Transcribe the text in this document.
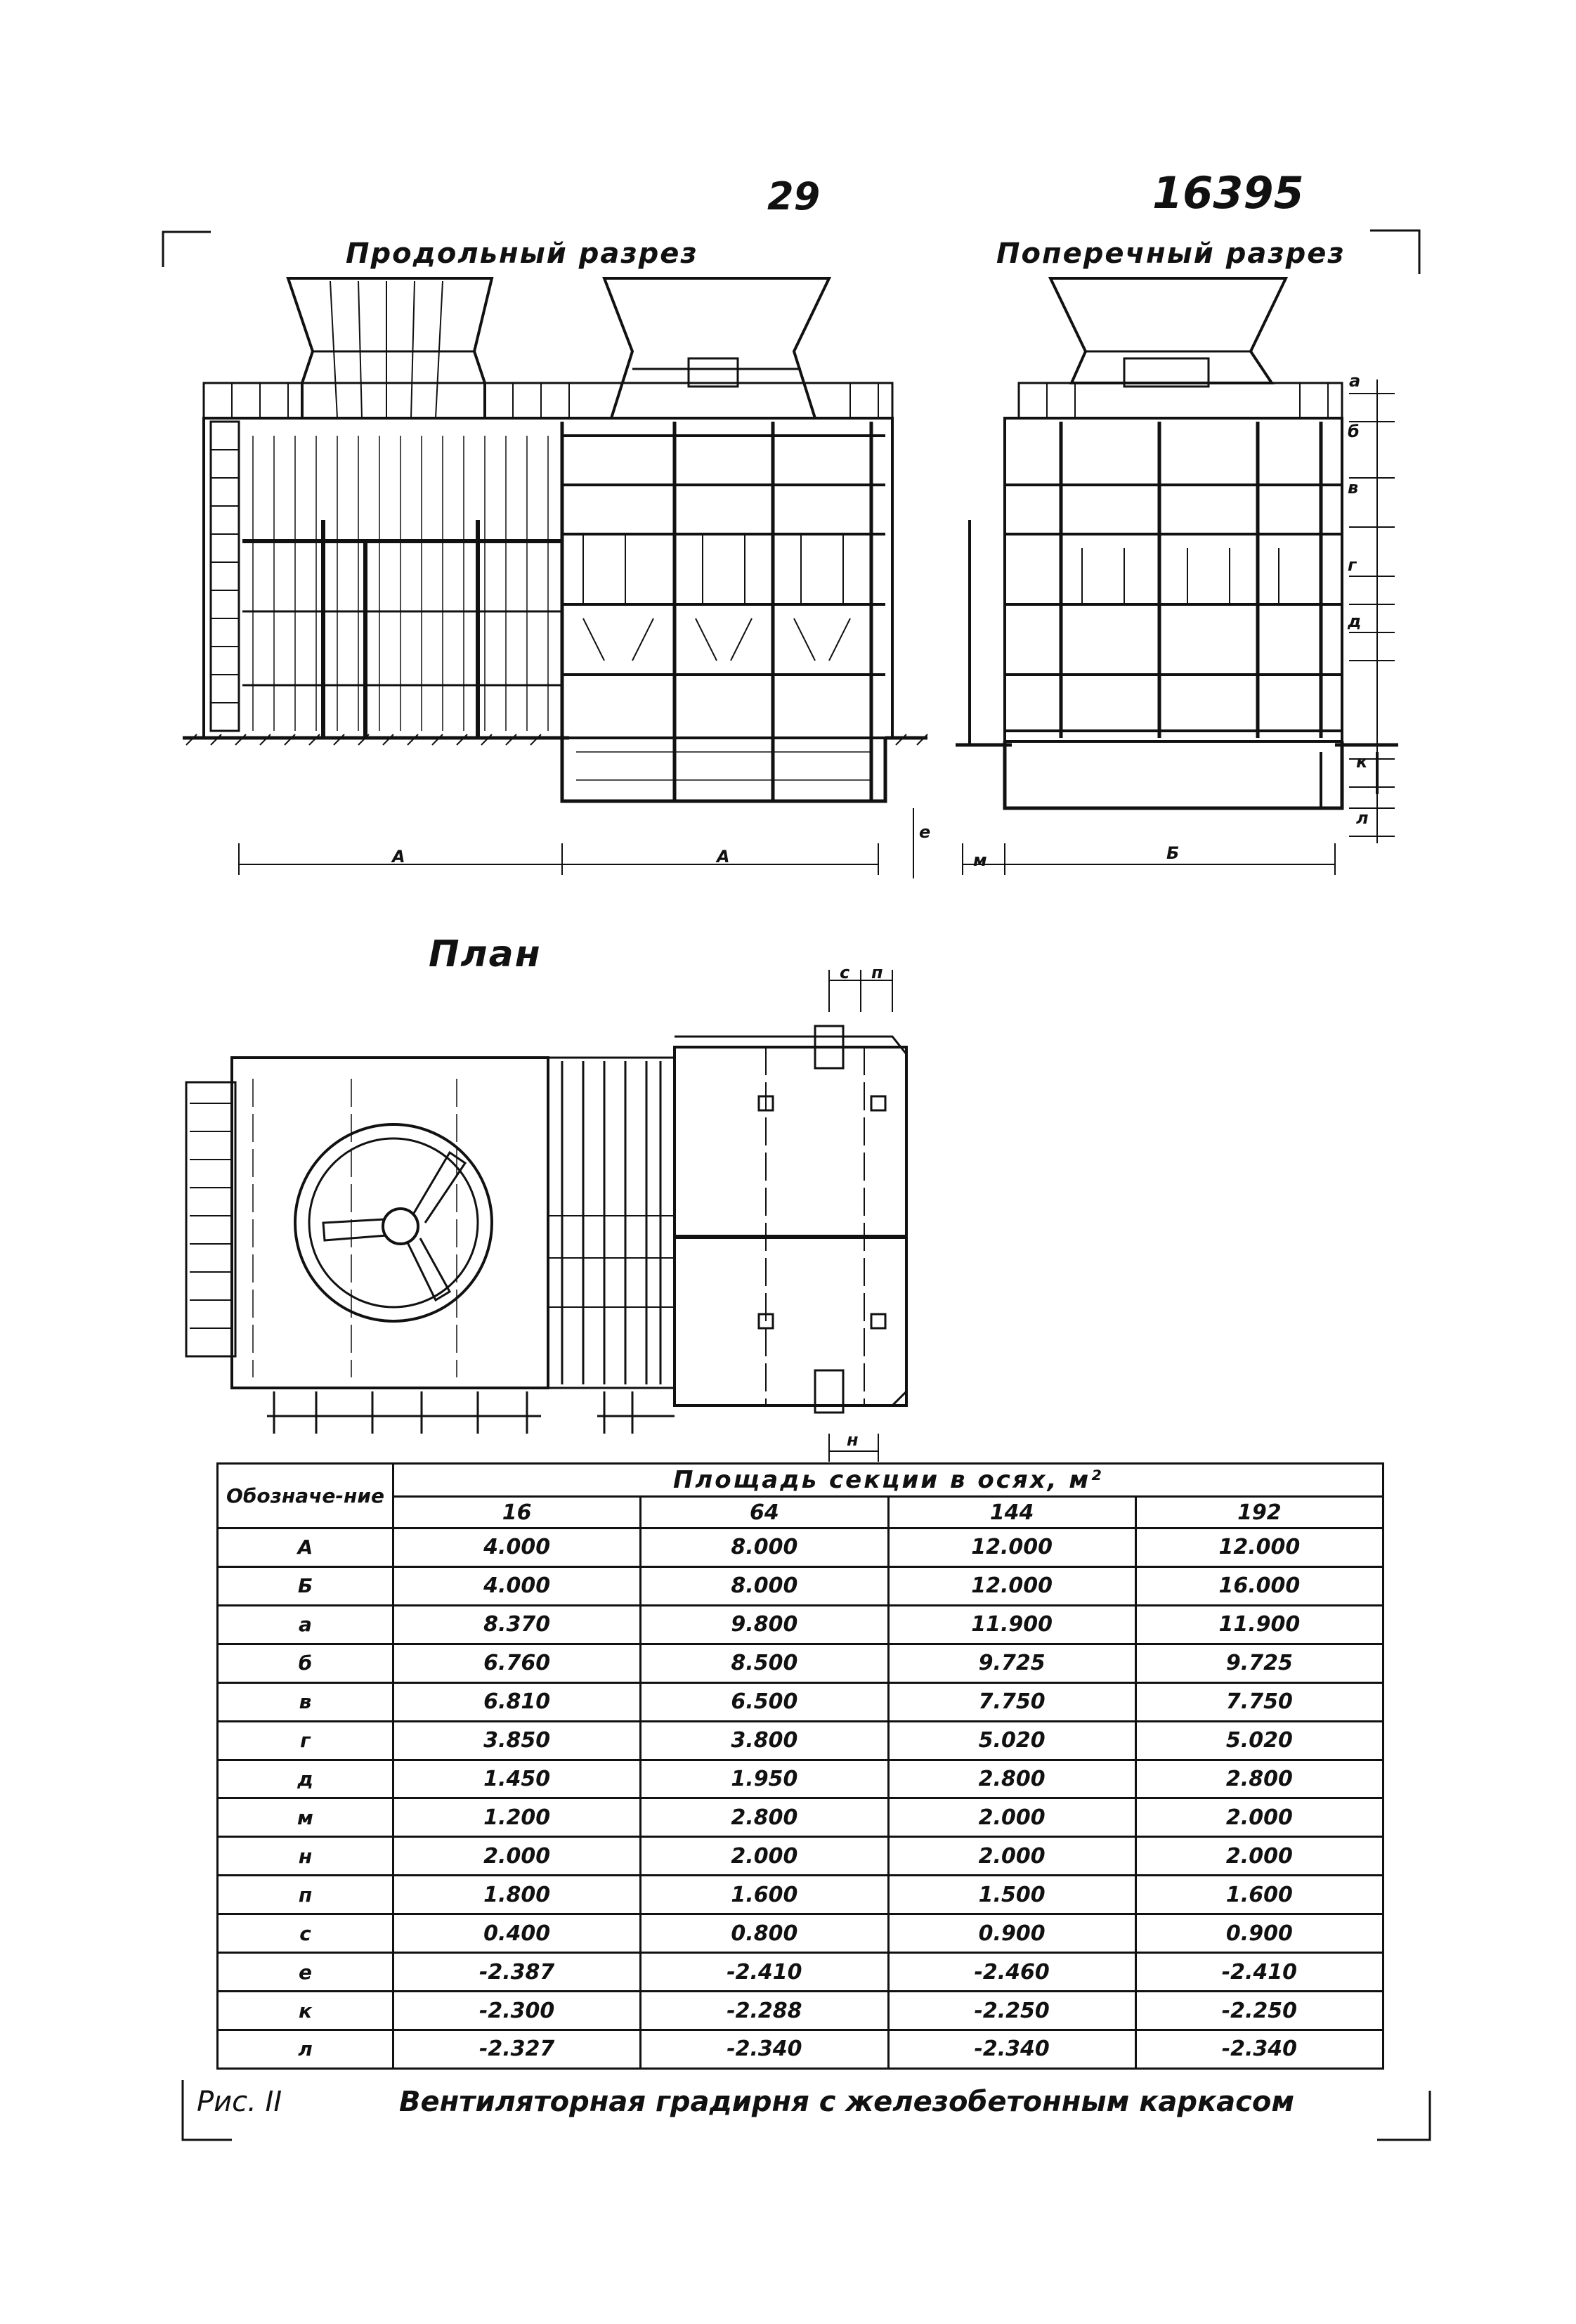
29	16395
Продольный разрез	Поперечный разрез
План
А	А	Б
м
е
а
б
в
г
д
к
л
с п
н
Обозначе-ние	Площадь секции в осях, м²			
	16	64	144	192
А	4.000	8.000	12.000	12.000
Б	4.000	8.000	12.000	16.000
а	8.370	9.800	11.900	11.900
б	6.760	8.500	9.725	9.725
в	6.810	6.500	7.750	7.750
г	3.850	3.800	5.020	5.020
д	1.450	1.950	2.800	2.800
м	1.200	2.800	2.000	2.000
н	2.000	2.000	2.000	2.000
п	1.800	1.600	1.500	1.600
с	0.400	0.800	0.900	0.900
е	-2.387	-2.410	-2.460	-2.410
к	-2.300	-2.288	-2.250	-2.250
л	-2.327	-2.340	-2.340	-2.340
Рис. II	Вентиляторная градирня с железобетонным каркасом
